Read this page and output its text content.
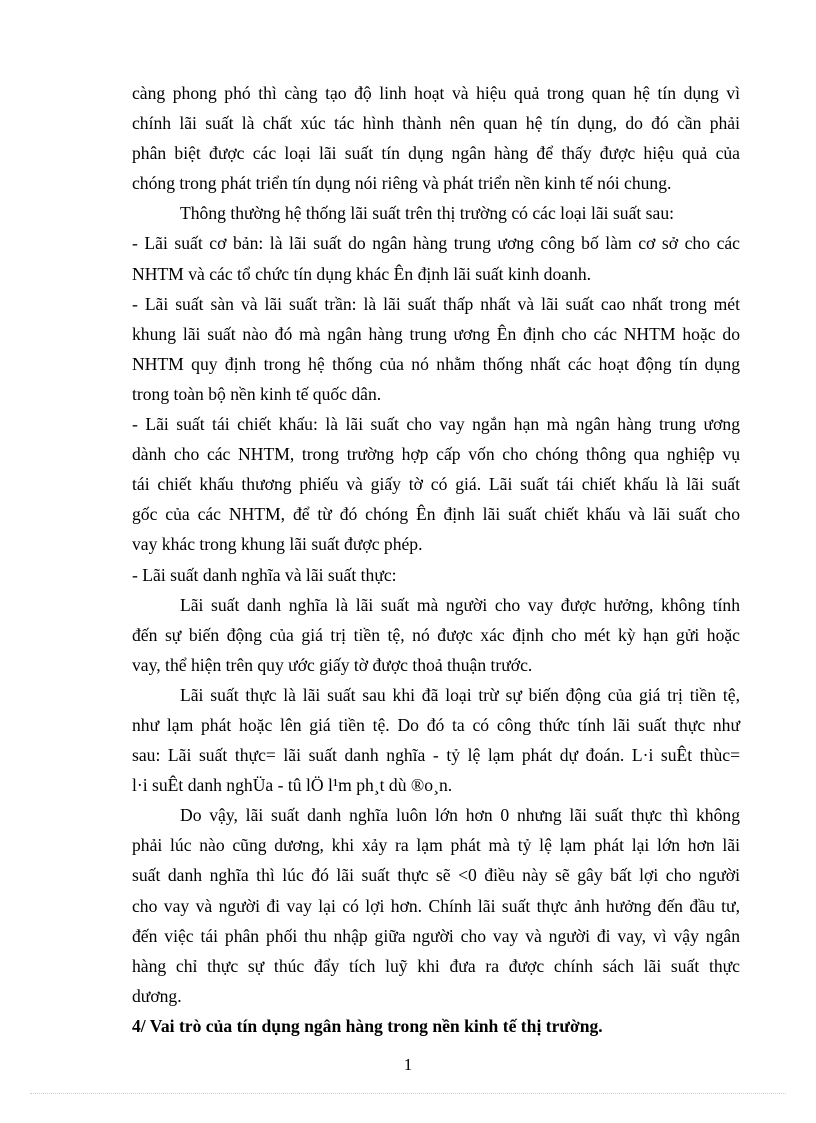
càng phong phó thì càng tạo độ linh hoạt và hiệu quả trong quan hệ tín dụng vì
chính lãi suất là chất xúc tác hình thành nên quan hệ tín dụng, do đó cần phải
phân biệt được các loại lãi suất tín dụng ngân hàng để thấy được hiệu quả của
chóng trong phát triển tín dụng nói riêng và phát triển nền kinh tế nói chung.
Thông thường hệ thống lãi suất trên thị trường có các loại lãi suất sau:
- Lãi suất cơ bản: là lãi suất do ngân hàng trung ương công bố làm cơ sở cho các
NHTM và các tổ chức tín dụng khác Ên định lãi suất kinh doanh.
- Lãi suất sàn và lãi suất trần: là lãi suất thấp nhất và lãi suất cao nhất trong mét
khung lãi suất nào đó mà ngân hàng trung ương Ên định cho các NHTM hoặc do
NHTM quy định trong hệ thống của nó nhằm thống nhất các hoạt động tín dụng
trong toàn bộ nền kinh tế quốc dân.
- Lãi suất tái chiết khấu: là lãi suất cho vay ngắn hạn mà ngân hàng trung ương
dành cho các NHTM, trong trường hợp cấp vốn cho chóng thông qua nghiệp vụ
tái chiết khấu thương phiếu và giấy tờ có giá. Lãi suất tái chiết khấu là lãi suất
gốc của các NHTM, để từ đó chóng Ên định lãi suất chiết khấu và lãi suất cho
vay khác trong khung lãi suất được phép.
- Lãi suất danh nghĩa và lãi suất thực:
Lãi suất danh nghĩa là lãi suất mà người cho vay được hưởng, không tính
đến sự biến động của giá trị tiền tệ, nó được xác định cho mét kỳ hạn gửi hoặc
vay, thể hiện trên quy ước giấy tờ được thoả thuận trước.
Lãi suất thực là lãi suất sau khi đã loại trừ sự biến động của giá trị tiền tệ,
như lạm phát hoặc lên giá tiền tệ. Do đó ta có công thức tính lãi suất thực như
sau: Lãi suất thực= lãi suất danh nghĩa - tỷ lệ lạm phát dự đoán. L·i suÊt thùc=
l·i suÊt danh nghÜa - tû lÖ l¹m ph¸t dù ®o¸n.
Do vậy, lãi suất danh nghĩa luôn lớn hơn 0 nhưng lãi suất thực thì không
phải lúc nào cũng dương, khi xảy ra lạm phát mà tỷ lệ lạm phát lại lớn hơn lãi
suất danh nghĩa thì lúc đó lãi suất thực sẽ <0 điều này sẽ gây bất lợi cho người
cho vay và người đi vay lại có lợi hơn. Chính lãi suất thực ảnh hưởng đến đầu tư,
đến việc tái phân phối thu nhập giữa người cho vay và người đi vay, vì vậy ngân
hàng chỉ thực sự thúc đẩy tích luỹ khi đưa ra được chính sách lãi suất thực
dương.
4/ Vai trò của tín dụng ngân hàng trong nền kinh tế thị trường.
1
